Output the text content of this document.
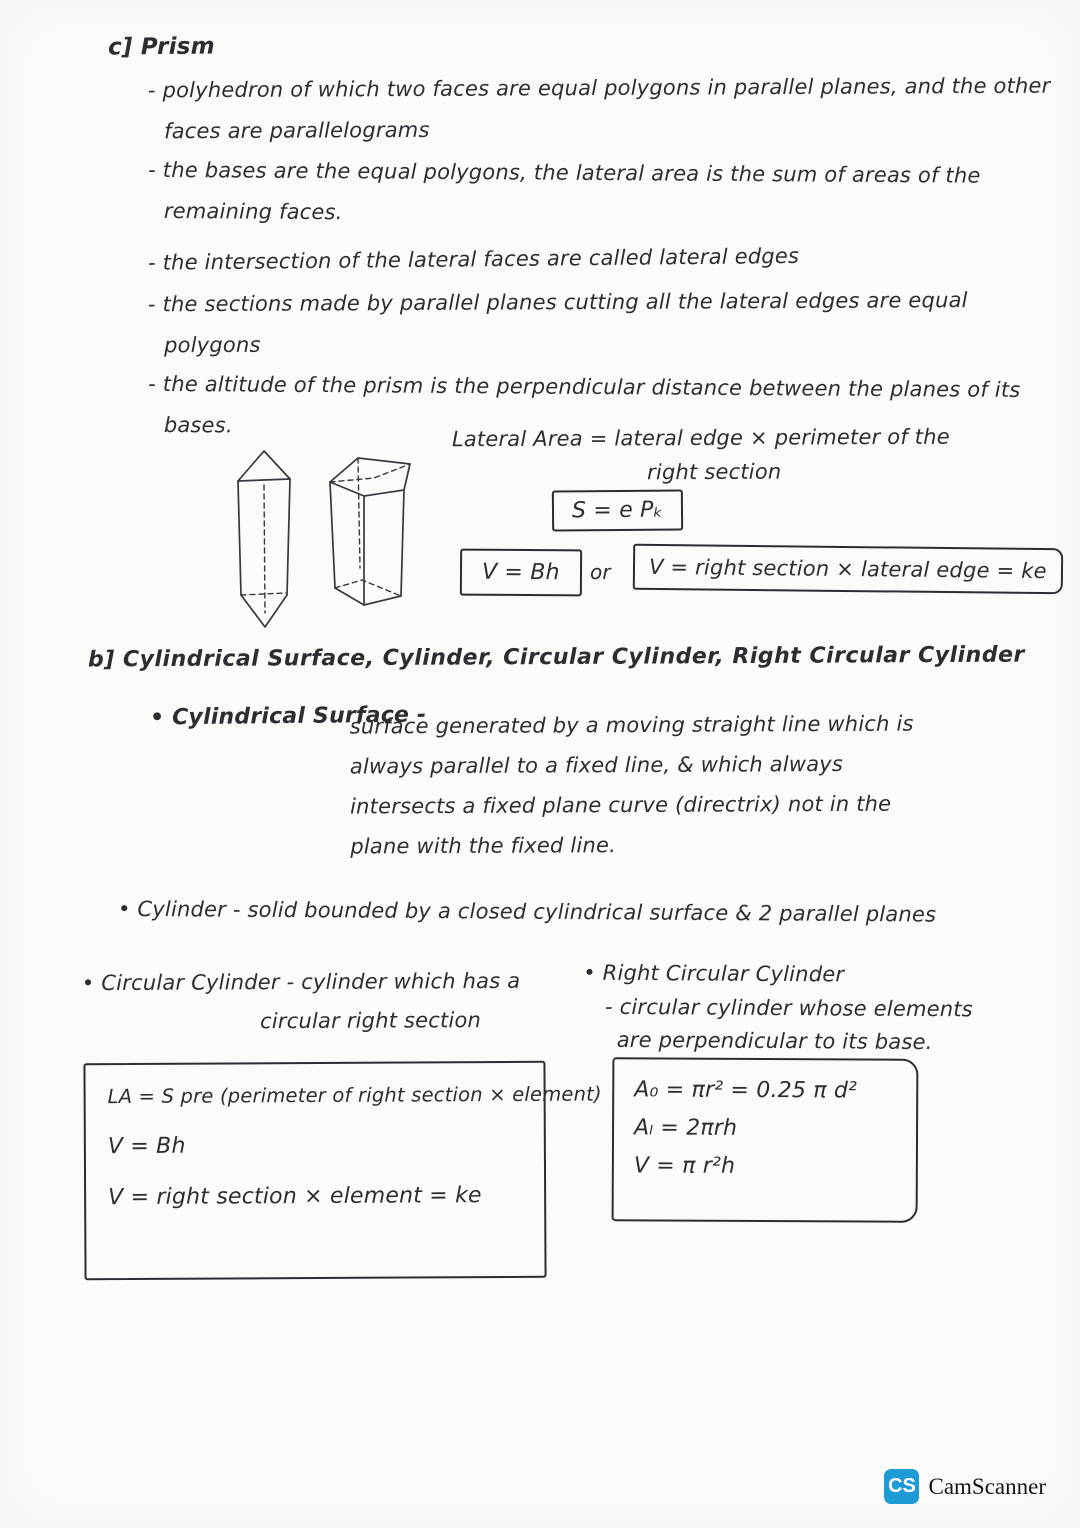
c] Prism
- polyhedron of which two faces are equal polygons in parallel planes, and the other faces are parallelograms
- the bases are the equal polygons, the lateral area is the sum of areas of the remaining faces.
- the intersection of the lateral faces are called lateral edges
- the sections made by parallel planes cutting all the lateral edges are equal polygons
- the altitude of the prism is the perpendicular distance between the planes of its bases.
Lateral Area = lateral edge × perimeter of the
right section
S = e Pₖ
V = Bh	or	V = right section × lateral edge = ke
b] Cylindrical Surface, Cylinder, Circular Cylinder, Right Circular Cylinder
• Cylindrical Surface -
surface generated by a moving straight line which is always parallel to a fixed line, & which always intersects a fixed plane curve (directrix) not in the plane with the fixed line.
• Cylinder - solid bounded by a closed cylindrical surface & 2 parallel planes
• Circular Cylinder - cylinder which has a
circular right section
• Right Circular Cylinder
- circular cylinder whose elements
are perpendicular to its base.
LA = S pre (perimeter of right section × element)
V = Bh
V = right section × element = ke
A₀ = πr² = 0.25 π d²
Aₗ = 2πrh
V = π r²h
CS CamScanner
